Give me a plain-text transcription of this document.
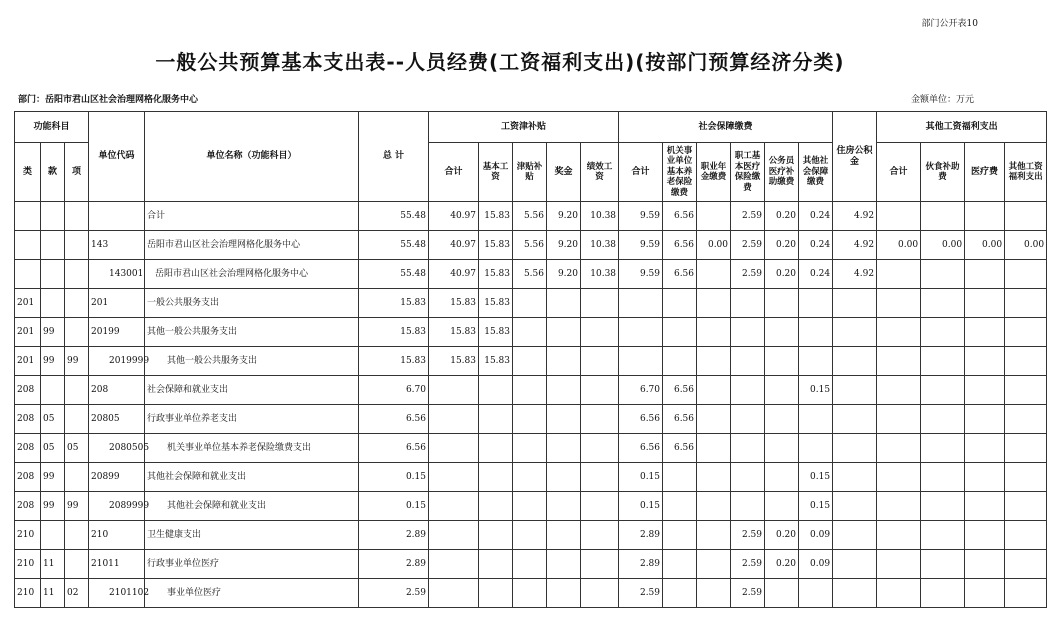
部门公开表10
一般公共预算基本支出表--人员经费(工资福利支出)(按部门预算经济分类)
部门：岳阳市君山区社会治理网格化服务中心	金额单位：万元
功能科目			单位代码	单位名称（功能科目）	总 计	工资津补贴					社会保障缴费						住房公积金	其他工资福利支出			
类	款	项				合计	基本工资	津贴补贴	奖金	绩效工资	合计	机关事业单位基本养老保险缴费	职业年金缴费	职工基本医疗保险缴费	公务员医疗补助缴费	其他社会保障缴费		合计	伙食补助费	医疗费	其他工资福利支出
				合计	55.48	40.97	15.83	5.56	9.20	10.38	9.59	6.56		2.59	0.20	0.24	4.92				
			143	岳阳市君山区社会治理网格化服务中心	55.48	40.97	15.83	5.56	9.20	10.38	9.59	6.56	0.00	2.59	0.20	0.24	4.92	0.00	0.00	0.00	0.00
			143001	岳阳市君山区社会治理网格化服务中心	55.48	40.97	15.83	5.56	9.20	10.38	9.59	6.56		2.59	0.20	0.24	4.92				
201			201	一般公共服务支出	15.83	15.83	15.83														
201	99		20199	其他一般公共服务支出	15.83	15.83	15.83														
201	99	99	2019999	其他一般公共服务支出	15.83	15.83	15.83														
208			208	社会保障和就业支出	6.70						6.70	6.56				0.15					
208	05		20805	行政事业单位养老支出	6.56						6.56	6.56									
208	05	05	2080505	机关事业单位基本养老保险缴费支出	6.56						6.56	6.56									
208	99		20899	其他社会保障和就业支出	0.15						0.15					0.15					
208	99	99	2089999	其他社会保障和就业支出	0.15						0.15					0.15					
210			210	卫生健康支出	2.89						2.89			2.59	0.20	0.09					
210	11		21011	行政事业单位医疗	2.89						2.89			2.59	0.20	0.09					
210	11	02	2101102	事业单位医疗	2.59						2.59			2.59							
